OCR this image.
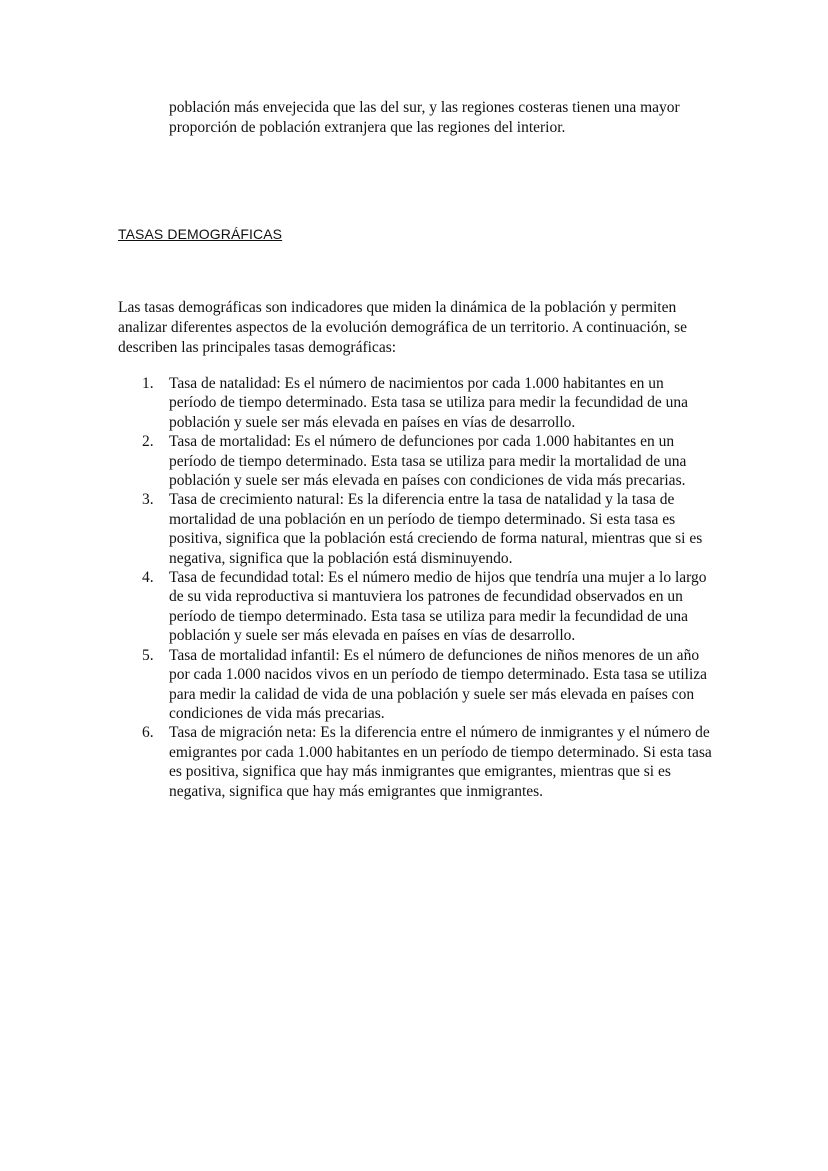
población más envejecida que las del sur, y las regiones costeras tienen una mayor proporción de población extranjera que las regiones del interior.

TASAS DEMOGRÁFICAS

Las tasas demográficas son indicadores que miden la dinámica de la población y permiten analizar diferentes aspectos de la evolución demográfica de un territorio. A continuación, se describen las principales tasas demográficas:

1. Tasa de natalidad: Es el número de nacimientos por cada 1.000 habitantes en un período de tiempo determinado. Esta tasa se utiliza para medir la fecundidad de una población y suele ser más elevada en países en vías de desarrollo.
2. Tasa de mortalidad: Es el número de defunciones por cada 1.000 habitantes en un período de tiempo determinado. Esta tasa se utiliza para medir la mortalidad de una población y suele ser más elevada en países con condiciones de vida más precarias.
3. Tasa de crecimiento natural: Es la diferencia entre la tasa de natalidad y la tasa de mortalidad de una población en un período de tiempo determinado. Si esta tasa es positiva, significa que la población está creciendo de forma natural, mientras que si es negativa, significa que la población está disminuyendo.
4. Tasa de fecundidad total: Es el número medio de hijos que tendría una mujer a lo largo de su vida reproductiva si mantuviera los patrones de fecundidad observados en un período de tiempo determinado. Esta tasa se utiliza para medir la fecundidad de una población y suele ser más elevada en países en vías de desarrollo.
5. Tasa de mortalidad infantil: Es el número de defunciones de niños menores de un año por cada 1.000 nacidos vivos en un período de tiempo determinado. Esta tasa se utiliza para medir la calidad de vida de una población y suele ser más elevada en países con condiciones de vida más precarias.
6. Tasa de migración neta: Es la diferencia entre el número de inmigrantes y el número de emigrantes por cada 1.000 habitantes en un período de tiempo determinado. Si esta tasa es positiva, significa que hay más inmigrantes que emigrantes, mientras que si es negativa, significa que hay más emigrantes que inmigrantes.
